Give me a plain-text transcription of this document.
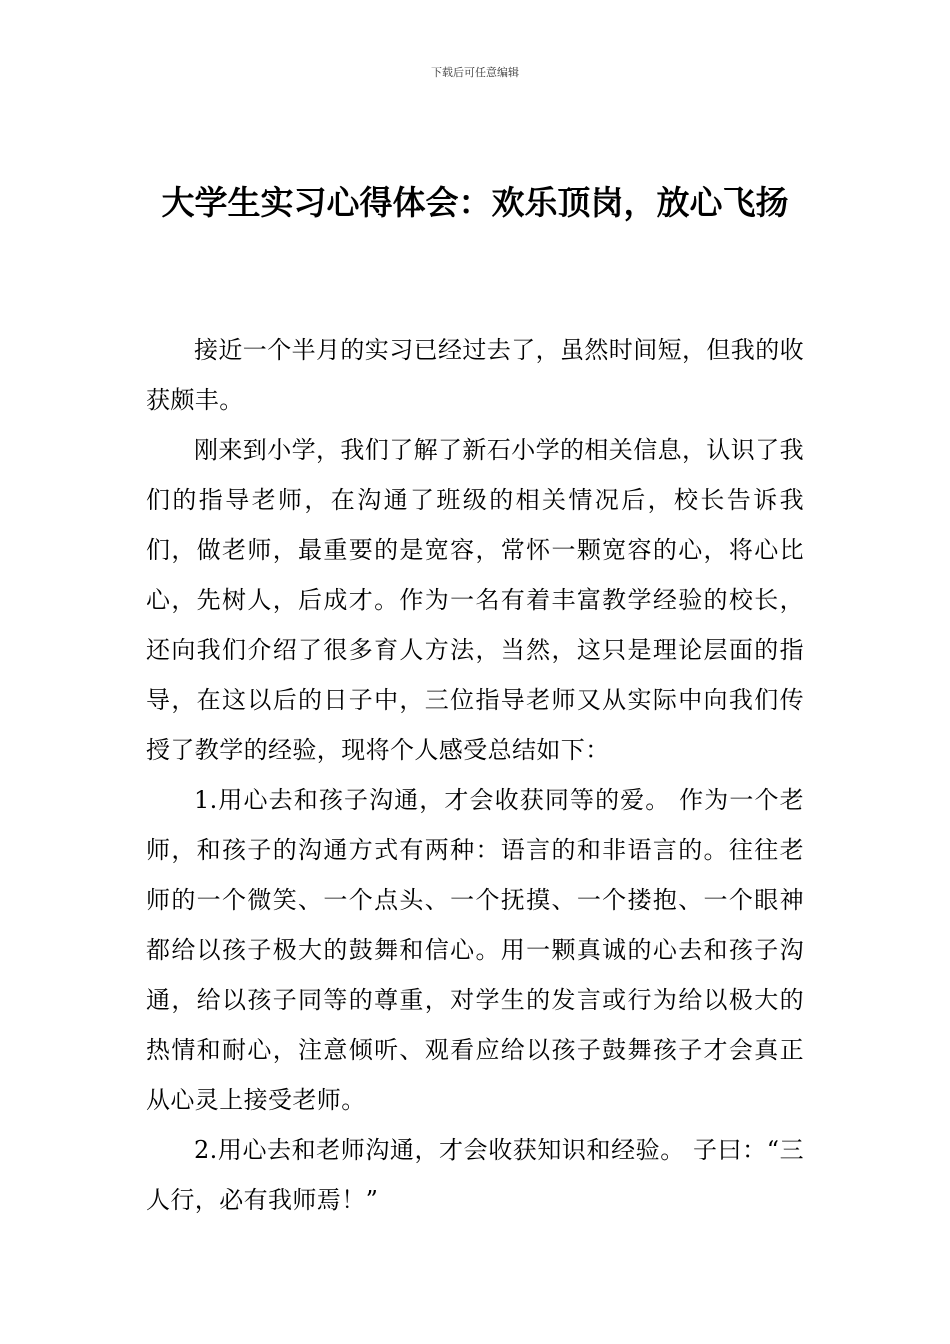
下载后可任意编辑
大学生实习心得体会：欢乐顶岗，放心飞扬

接近一个半月的实习已经过去了，虽然时间短，但我的收获颇丰。

刚来到小学，我们了解了新石小学的相关信息，认识了我们的指导老师，在沟通了班级的相关情况后，校长告诉我们，做老师，最重要的是宽容，常怀一颗宽容的心，将心比心，先树人，后成才。作为一名有着丰富教学经验的校长，还向我们介绍了很多育人方法，当然，这只是理论层面的指导，在这以后的日子中，三位指导老师又从实际中向我们传授了教学的经验，现将个人感受总结如下：

1.用心去和孩子沟通，才会收获同等的爱。 作为一个老师，和孩子的沟通方式有两种：语言的和非语言的。往往老师的一个微笑、一个点头、一个抚摸、一个搂抱、一个眼神都给以孩子极大的鼓舞和信心。用一颗真诚的心去和孩子沟通，给以孩子同等的尊重，对学生的发言或行为给以极大的热情和耐心，注意倾听、观看应给以孩子鼓舞孩子才会真正从心灵上接受老师。

2.用心去和老师沟通，才会收获知识和经验。 子曰：“三人行，必有我师焉！”
